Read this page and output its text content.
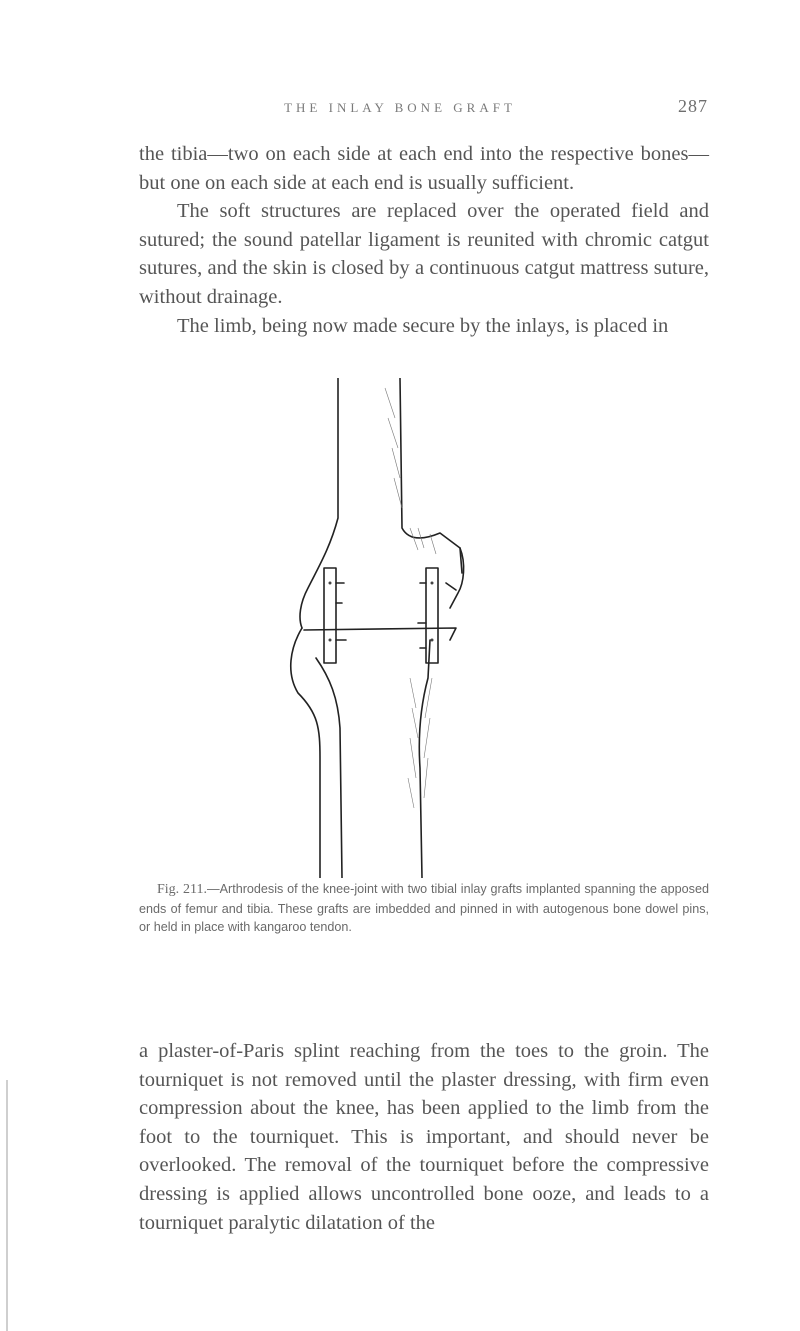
THE INLAY BONE GRAFT	287

the tibia—two on each side at each end into the respective bones—but one on each side at each end is usually sufficient.

The soft structures are replaced over the operated field and sutured; the sound patellar ligament is reunited with chromic catgut sutures, and the skin is closed by a continuous catgut mattress suture, without drainage.

The limb, being now made secure by the inlays, is placed in

Fig. 211.—Arthrodesis of the knee-joint with two tibial inlay grafts implanted spanning the apposed ends of femur and tibia. These grafts are imbedded and pinned in with autogenous bone dowel pins, or held in place with kangaroo tendon.

a plaster-of-Paris splint reaching from the toes to the groin. The tourniquet is not removed until the plaster dressing, with firm even compression about the knee, has been applied to the limb from the foot to the tourniquet. This is important, and should never be overlooked. The removal of the tourniquet before the compressive dressing is applied allows uncontrolled bone ooze, and leads to a tourniquet paralytic dilatation of the
